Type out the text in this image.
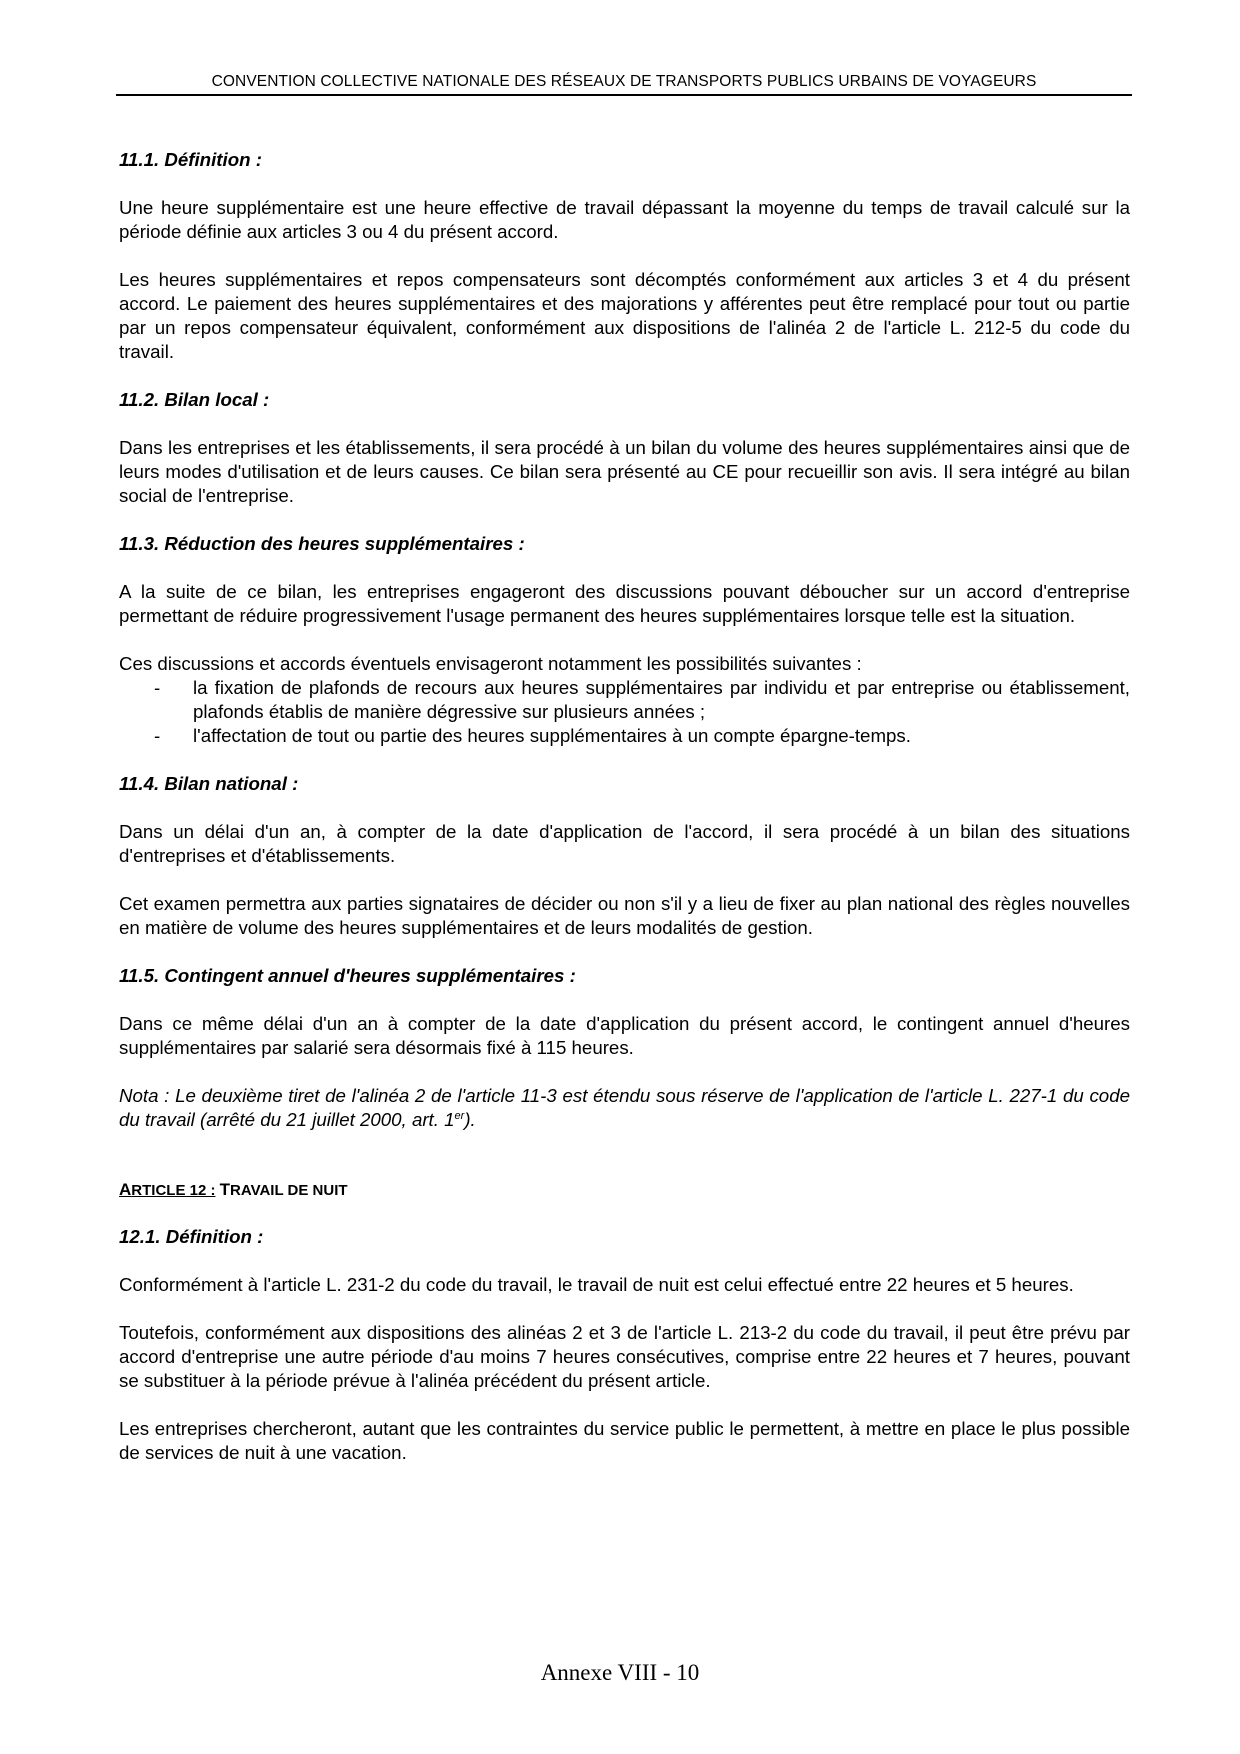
CONVENTION COLLECTIVE NATIONALE DES RÉSEAUX DE TRANSPORTS PUBLICS URBAINS DE VOYAGEURS

11.1. Définition :

Une heure supplémentaire est une heure effective de travail dépassant la moyenne du temps de travail calculé sur la période définie aux articles 3 ou 4 du présent accord.

Les heures supplémentaires et repos compensateurs sont décomptés conformément aux articles 3 et 4 du présent accord. Le paiement des heures supplémentaires et des majorations y afférentes peut être remplacé pour tout ou partie par un repos compensateur équivalent, conformément aux dispositions de l'alinéa 2 de l'article L. 212-5 du code du travail.

11.2. Bilan local :

Dans les entreprises et les établissements, il sera procédé à un bilan du volume des heures supplémentaires ainsi que de leurs modes d'utilisation et de leurs causes. Ce bilan sera présenté au CE pour recueillir son avis. Il sera intégré au bilan social de l'entreprise.

11.3. Réduction des heures supplémentaires :

A la suite de ce bilan, les entreprises engageront des discussions pouvant déboucher sur un accord d'entreprise permettant de réduire progressivement l'usage permanent des heures supplémentaires lorsque telle est la situation.

Ces discussions et accords éventuels envisageront notamment les possibilités suivantes :

- la fixation de plafonds de recours aux heures supplémentaires par individu et par entreprise ou établissement, plafonds établis de manière dégressive sur plusieurs années ;
- l'affectation de tout ou partie des heures supplémentaires à un compte épargne-temps.

11.4. Bilan national :

Dans un délai d'un an, à compter de la date d'application de l'accord, il sera procédé à un bilan des situations d'entreprises et d'établissements.

Cet examen permettra aux parties signataires de décider ou non s'il y a lieu de fixer au plan national des règles nouvelles en matière de volume des heures supplémentaires et de leurs modalités de gestion.

11.5. Contingent annuel d'heures supplémentaires :

Dans ce même délai d'un an à compter de la date d'application du présent accord, le contingent annuel d'heures supplémentaires par salarié sera désormais fixé à 115 heures.

Nota : Le deuxième tiret de l'alinéa 2 de l'article 11-3 est étendu sous réserve de l'application de l'article L. 227-1 du code du travail (arrêté du 21 juillet 2000, art. 1er).

ARTICLE 12 : TRAVAIL DE NUIT

12.1. Définition :

Conformément à l'article L. 231-2 du code du travail, le travail de nuit est celui effectué entre 22 heures et 5 heures.

Toutefois, conformément aux dispositions des alinéas 2 et 3 de l'article L. 213-2 du code du travail, il peut être prévu par accord d'entreprise une autre période d'au moins 7 heures consécutives, comprise entre 22 heures et 7 heures, pouvant se substituer à la période prévue à l'alinéa précédent du présent article.

Les entreprises chercheront, autant que les contraintes du service public le permettent, à mettre en place le plus possible de services de nuit à une vacation.

Annexe VIII - 10
